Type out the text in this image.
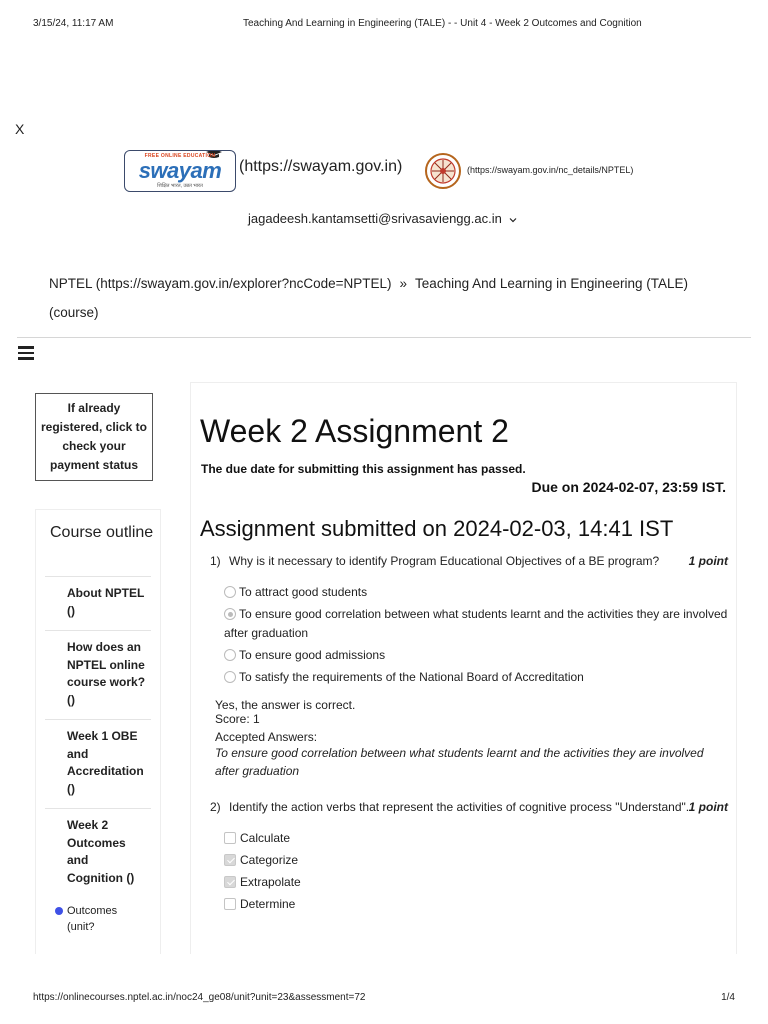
3/15/24, 11:17 AM	Teaching And Learning in Engineering (TALE) - - Unit 4 - Week 2 Outcomes and Cognition
X
FREE ONLINE EDUCATION
swayam
शिक्षित भारत, उन्नत भारत
(https://swayam.gov.in)	(https://swayam.gov.in/nc_details/NPTEL)
jagadeesh.kantamsetti@srivasaviengg.ac.in
NPTEL (https://swayam.gov.in/explorer?ncCode=NPTEL) » Teaching And Learning in Engineering (TALE) (course)
If already registered, click to check your payment status
Course outline
About NPTEL ()
How does an NPTEL online course work? ()
Week 1 OBE and Accreditation ()
Week 2 Outcomes and Cognition ()
Outcomes (unit?
Week 2 Assignment 2
The due date for submitting this assignment has passed.
Due on 2024-02-07, 23:59 IST.
Assignment submitted on 2024-02-03, 14:41 IST
1) Why is it necessary to identify Program Educational Objectives of a BE program? 1 point
To attract good students
To ensure good correlation between what students learnt and the activities they are involved after graduation
To ensure good admissions
To satisfy the requirements of the National Board of Accreditation
Yes, the answer is correct.
Score: 1
Accepted Answers:
To ensure good correlation between what students learnt and the activities they are involved after graduation
2) Identify the action verbs that represent the activities of cognitive process "Understand". 1 point
Calculate
Categorize
Extrapolate
Determine
https://onlinecourses.nptel.ac.in/noc24_ge08/unit?unit=23&assessment=72	1/4
